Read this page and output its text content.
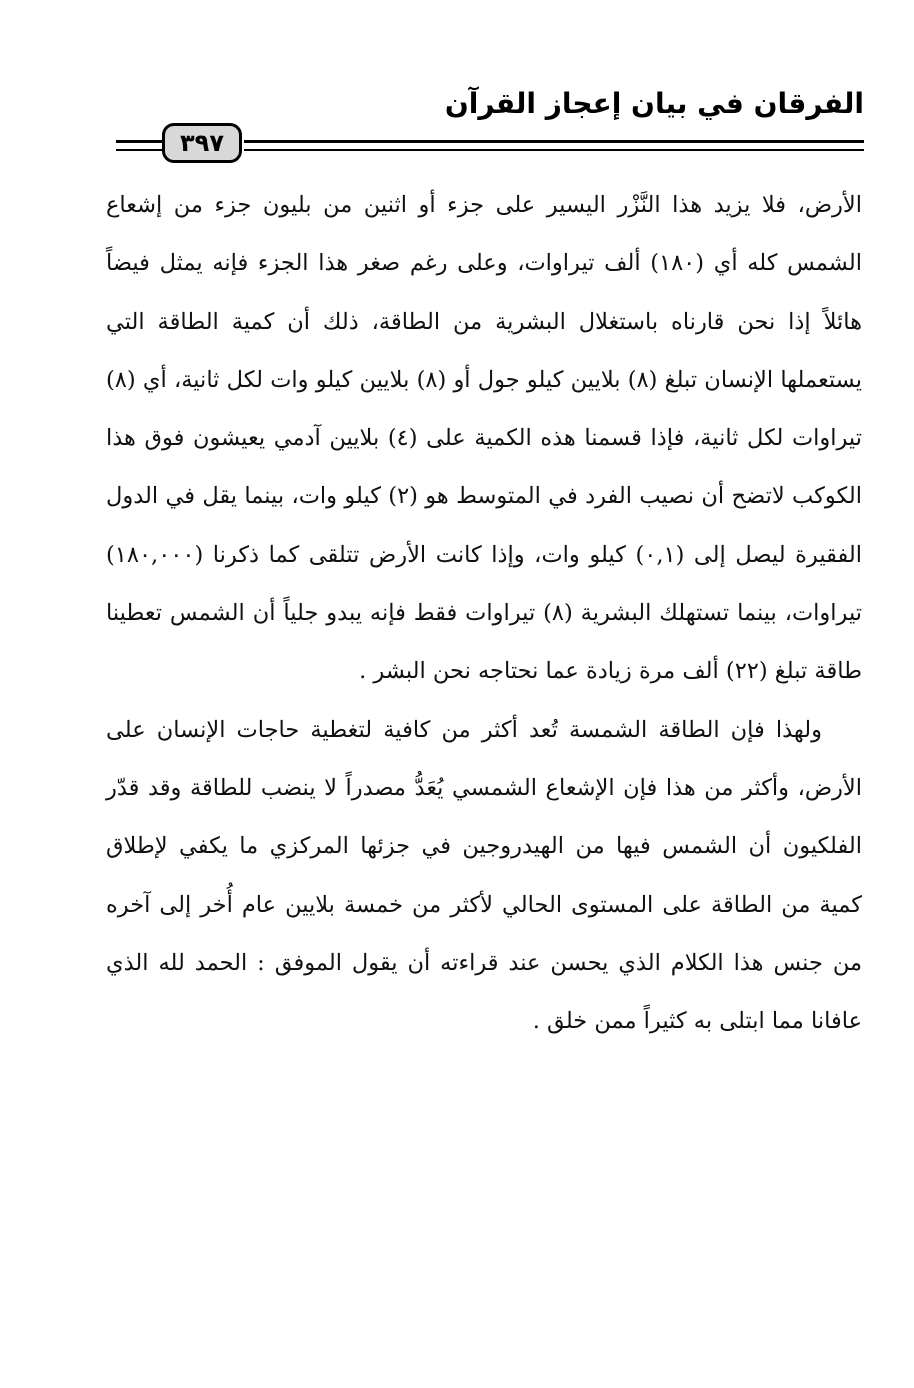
الفرقان في بيان إعجاز القرآن
٣٩٧

الأرض، فلا يزيد هذا النَّزْر اليسير على جزء أو اثنين من بليون جزء من إشعاع الشمس كله أي (١٨٠) ألف تيراوات، وعلى رغم صغر هذا الجزء فإنه يمثل فيضاً هائلاً إذا نحن قارناه باستغلال البشرية من الطاقة، ذلك أن كمية الطاقة التي يستعملها الإنسان تبلغ (٨) بلايين كيلو جول أو (٨) بلايين كيلو وات لكل ثانية، أي (٨) تيراوات لكل ثانية، فإذا قسمنا هذه الكمية على (٤) بلايين آدمي يعيشون فوق هذا الكوكب لاتضح أن نصيب الفرد في المتوسط هو (٢) كيلو وات، بينما يقل في الدول الفقيرة ليصل إلى (٠,١) كيلو وات، وإذا كانت الأرض تتلقى كما ذكرنا (١٨٠,٠٠٠) تيراوات، بينما تستهلك البشرية (٨) تيراوات فقط فإنه يبدو جلياً أن الشمس تعطينا طاقة تبلغ (٢٢) ألف مرة زيادة عما نحتاجه نحن البشر .

ولهذا فإن الطاقة الشمسة تُعد أكثر من كافية لتغطية حاجات الإنسان على الأرض، وأكثر من هذا فإن الإشعاع الشمسي يُعَدُّ مصدراً لا ينضب للطاقة وقد قدّر الفلكيون أن الشمس فيها من الهيدروجين في جزئها المركزي ما يكفي لإطلاق كمية من الطاقة على المستوى الحالي لأكثر من خمسة بلايين عام أُخر إلى آخره من جنس هذا الكلام الذي يحسن عند قراءته أن يقول الموفق : الحمد لله الذي عافانا مما ابتلى به كثيراً ممن خلق .
